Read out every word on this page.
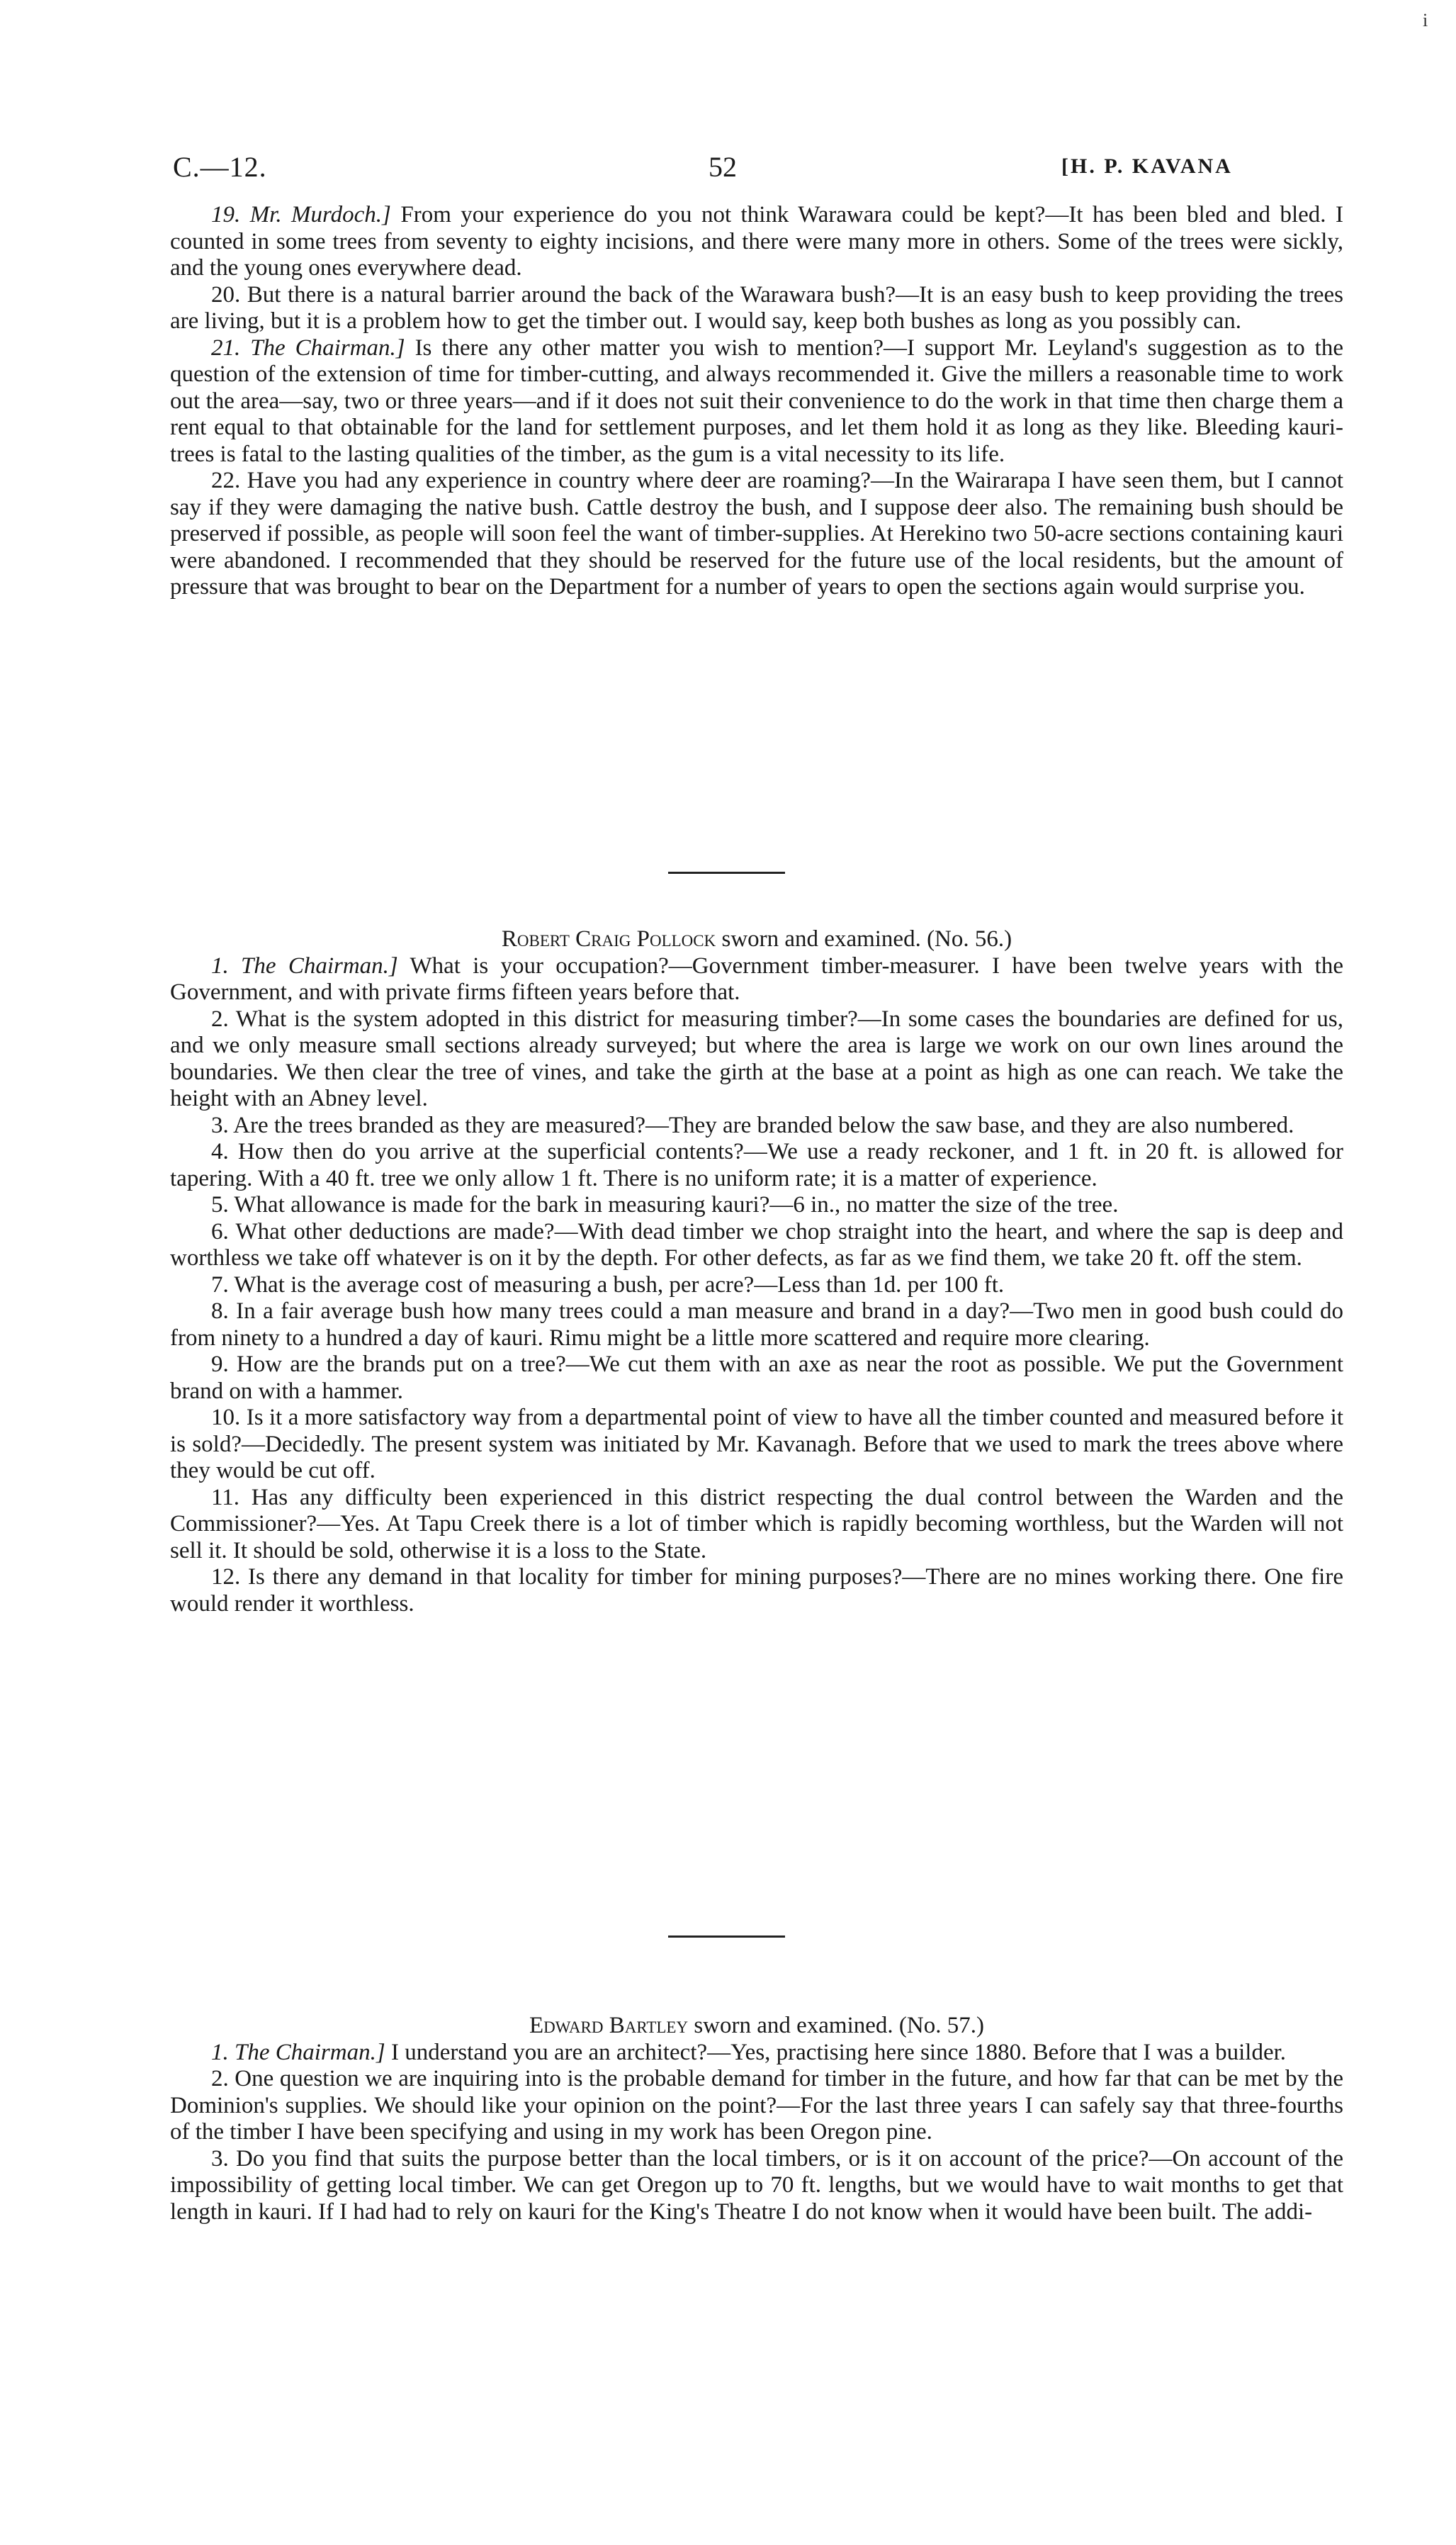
i
C.—12.	52	[H. P. KAVANA

19. Mr. Murdoch.] From your experience do you not think Warawara could be kept?—It has been bled and bled. I counted in some trees from seventy to eighty incisions, and there were many more in others. Some of the trees were sickly, and the young ones everywhere dead.

20. But there is a natural barrier around the back of the Warawara bush?—It is an easy bush to keep providing the trees are living, but it is a problem how to get the timber out. I would say, keep both bushes as long as you possibly can.

21. The Chairman.] Is there any other matter you wish to mention?—I support Mr. Leyland's suggestion as to the question of the extension of time for timber-cutting, and always recommended it. Give the millers a reasonable time to work out the area—say, two or three years—and if it does not suit their convenience to do the work in that time then charge them a rent equal to that obtainable for the land for settlement purposes, and let them hold it as long as they like. Bleeding kauri-trees is fatal to the lasting qualities of the timber, as the gum is a vital necessity to its life.

22. Have you had any experience in country where deer are roaming?—In the Wairarapa I have seen them, but I cannot say if they were damaging the native bush. Cattle destroy the bush, and I suppose deer also. The remaining bush should be preserved if possible, as people will soon feel the want of timber-supplies. At Herekino two 50-acre sections containing kauri were abandoned. I recommended that they should be reserved for the future use of the local residents, but the amount of pressure that was brought to bear on the Department for a number of years to open the sections again would surprise you.

Robert Craig Pollock sworn and examined. (No. 56.)

1. The Chairman.] What is your occupation?—Government timber-measurer. I have been twelve years with the Government, and with private firms fifteen years before that.

2. What is the system adopted in this district for measuring timber?—In some cases the boundaries are defined for us, and we only measure small sections already surveyed; but where the area is large we work on our own lines around the boundaries. We then clear the tree of vines, and take the girth at the base at a point as high as one can reach. We take the height with an Abney level.

3. Are the trees branded as they are measured?—They are branded below the saw base, and they are also numbered.

4. How then do you arrive at the superficial contents?—We use a ready reckoner, and 1 ft. in 20 ft. is allowed for tapering. With a 40 ft. tree we only allow 1 ft. There is no uniform rate; it is a matter of experience.

5. What allowance is made for the bark in measuring kauri?—6 in., no matter the size of the tree.

6. What other deductions are made?—With dead timber we chop straight into the heart, and where the sap is deep and worthless we take off whatever is on it by the depth. For other defects, as far as we find them, we take 20 ft. off the stem.

7. What is the average cost of measuring a bush, per acre?—Less than 1d. per 100 ft.

8. In a fair average bush how many trees could a man measure and brand in a day?—Two men in good bush could do from ninety to a hundred a day of kauri. Rimu might be a little more scattered and require more clearing.

9. How are the brands put on a tree?—We cut them with an axe as near the root as possible. We put the Government brand on with a hammer.

10. Is it a more satisfactory way from a departmental point of view to have all the timber counted and measured before it is sold?—Decidedly. The present system was initiated by Mr. Kavanagh. Before that we used to mark the trees above where they would be cut off.

11. Has any difficulty been experienced in this district respecting the dual control between the Warden and the Commissioner?—Yes. At Tapu Creek there is a lot of timber which is rapidly becoming worthless, but the Warden will not sell it. It should be sold, otherwise it is a loss to the State.

12. Is there any demand in that locality for timber for mining purposes?—There are no mines working there. One fire would render it worthless.

Edward Bartley sworn and examined. (No. 57.)

1. The Chairman.] I understand you are an architect?—Yes, practising here since 1880. Before that I was a builder.

2. One question we are inquiring into is the probable demand for timber in the future, and how far that can be met by the Dominion's supplies. We should like your opinion on the point?—For the last three years I can safely say that three-fourths of the timber I have been specifying and using in my work has been Oregon pine.

3. Do you find that suits the purpose better than the local timbers, or is it on account of the price?—On account of the impossibility of getting local timber. We can get Oregon up to 70 ft. lengths, but we would have to wait months to get that length in kauri. If I had had to rely on kauri for the King's Theatre I do not know when it would have been built. The addi-
